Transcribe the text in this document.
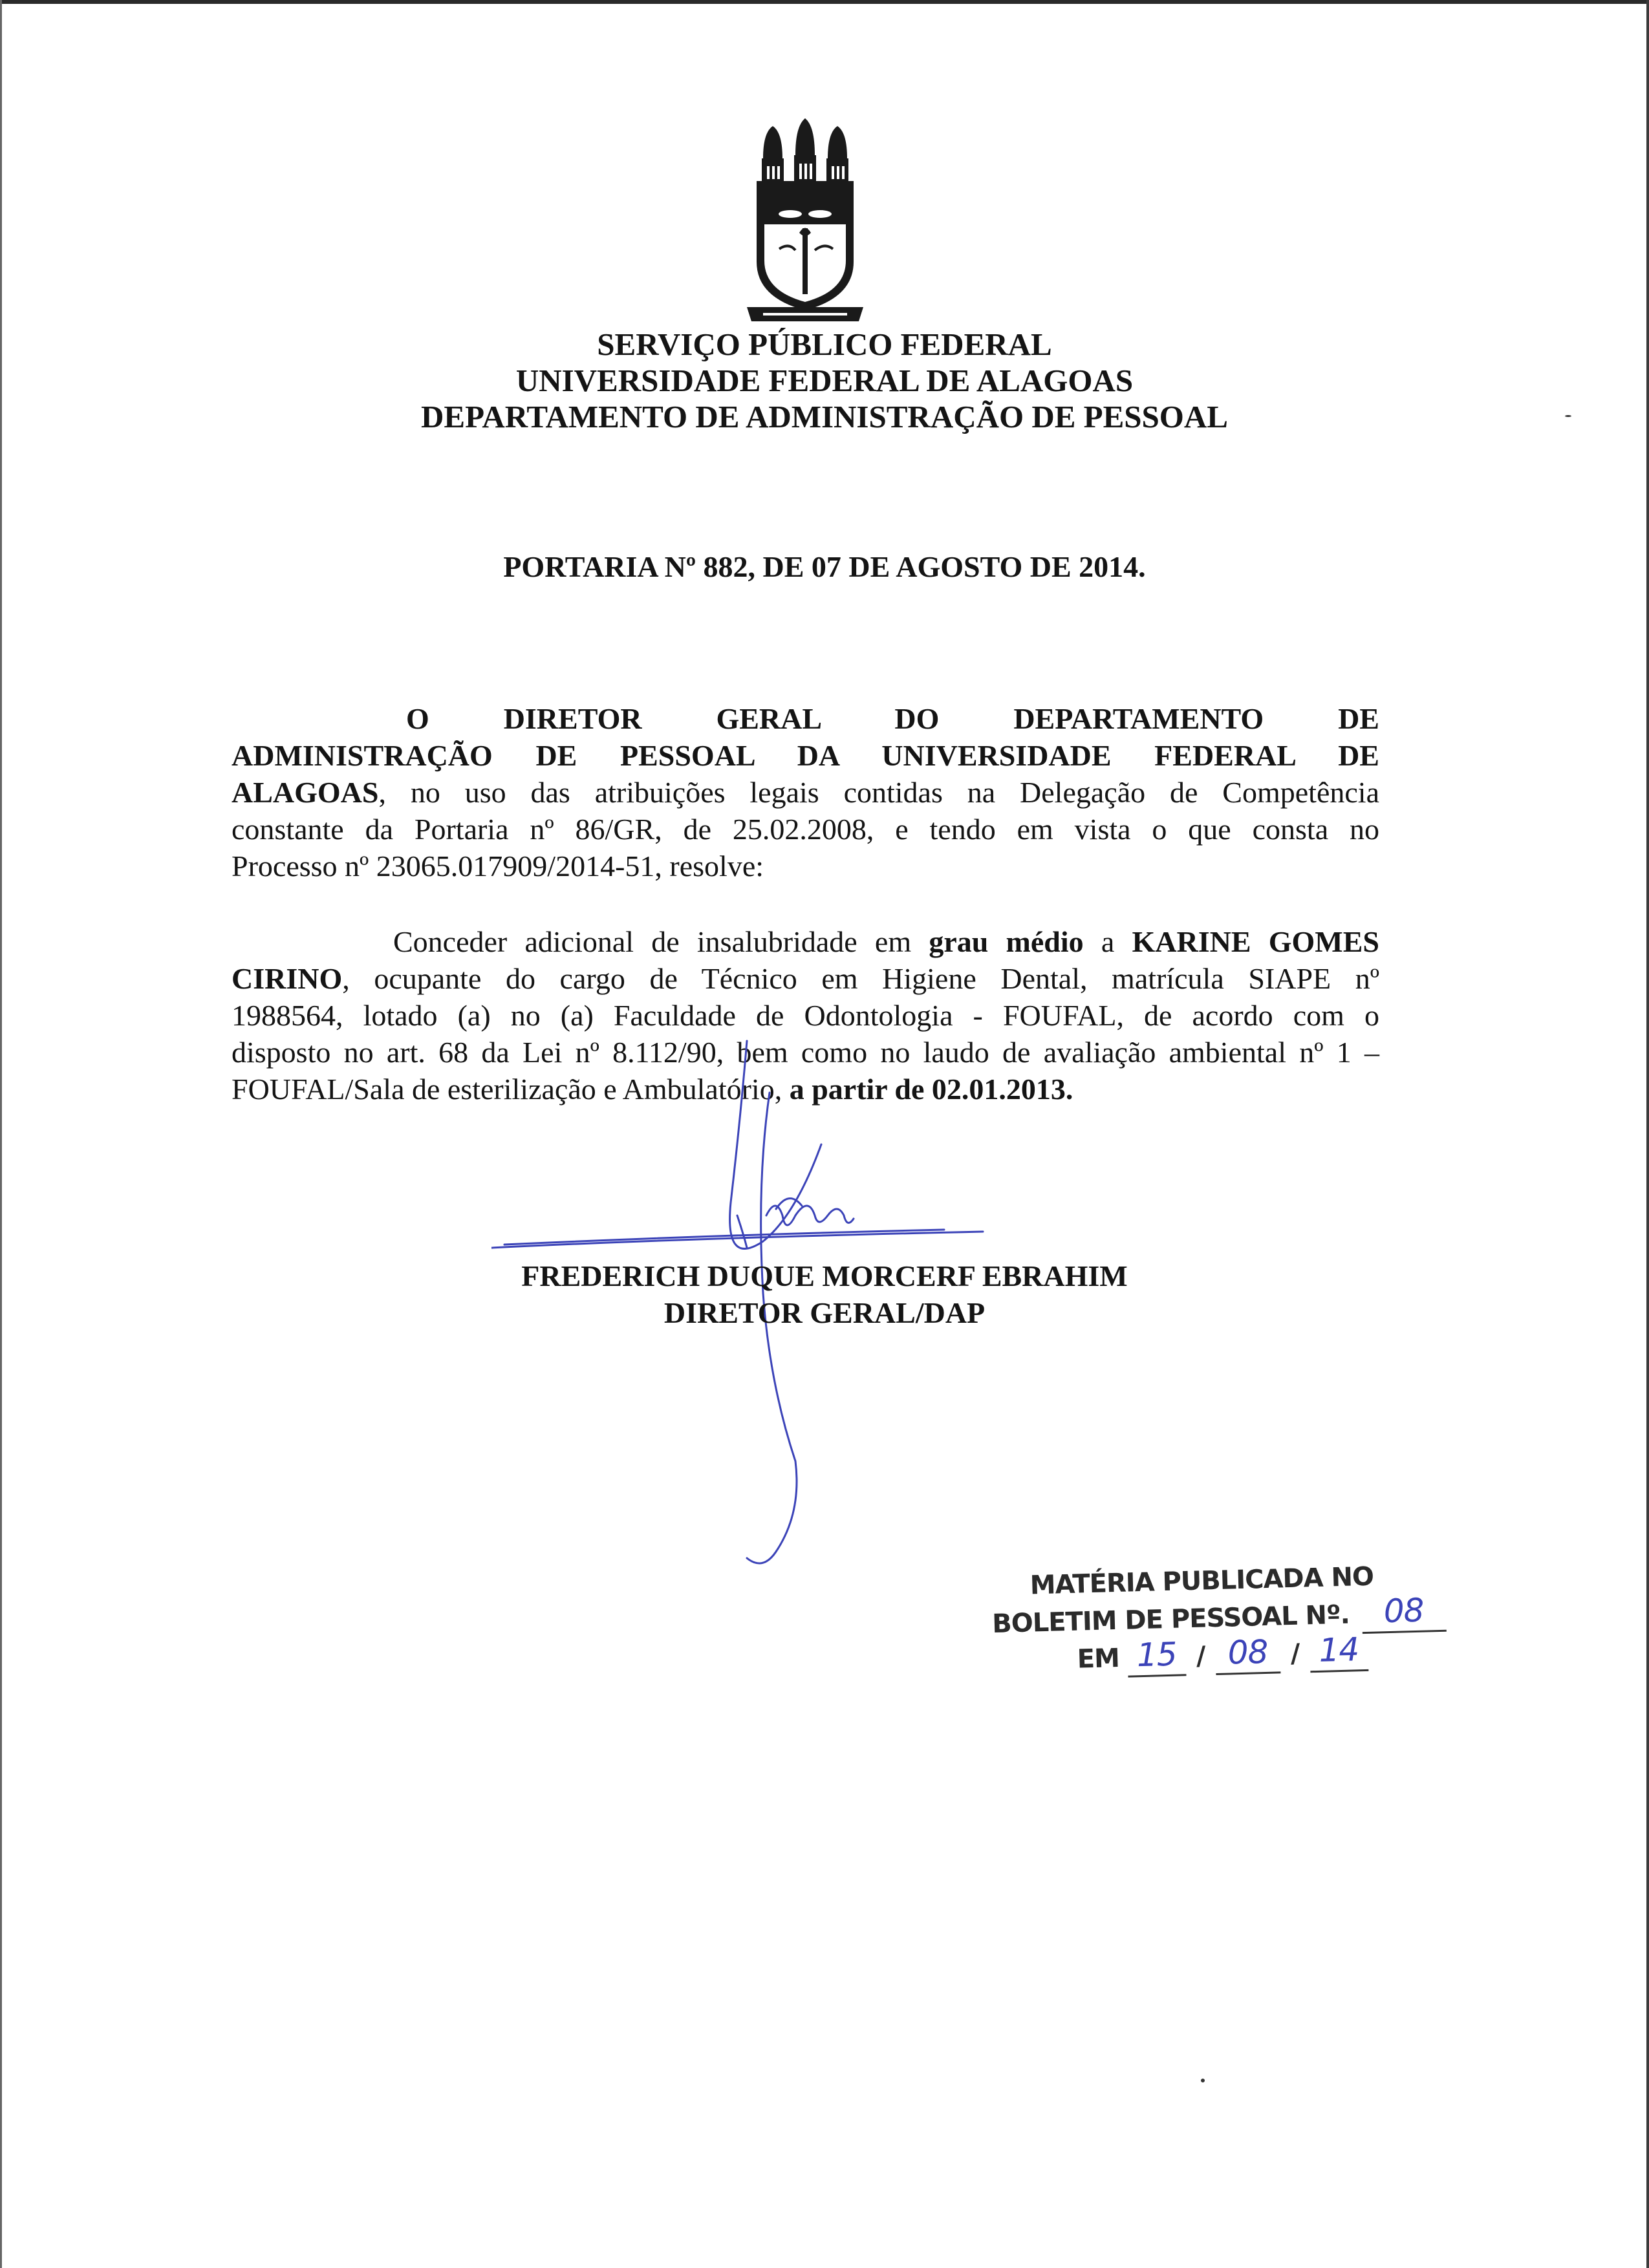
SERVIÇO PÚBLICO FEDERAL
UNIVERSIDADE FEDERAL DE ALAGOAS
DEPARTAMENTO DE ADMINISTRAÇÃO DE PESSOAL
PORTARIA Nº 882, DE 07 DE AGOSTO DE 2014.
O DIRETOR GERAL DO DEPARTAMENTO DE
ADMINISTRAÇÃO DE PESSOAL DA UNIVERSIDADE FEDERAL DE
ALAGOAS, no uso das atribuições legais contidas na Delegação de Competência
constante da Portaria nº 86/GR, de 25.02.2008, e tendo em vista o que consta no
Processo nº 23065.017909/2014-51, resolve:
Conceder adicional de insalubridade em grau médio a KARINE GOMES
CIRINO, ocupante do cargo de Técnico em Higiene Dental, matrícula SIAPE nº
1988564, lotado (a) no (a) Faculdade de Odontologia - FOUFAL, de acordo com o
disposto no art. 68 da Lei nº 8.112/90, bem como no laudo de avaliação ambiental nº 1 –
FOUFAL/Sala de esterilização e Ambulatório, a partir de 02.01.2013.
FREDERICH DUQUE MORCERF EBRAHIM
DIRETOR GERAL/DAP
MATÉRIA PUBLICADA NO
BOLETIM DE PESSOAL Nº. 08
EM 15 / 08 / 14
